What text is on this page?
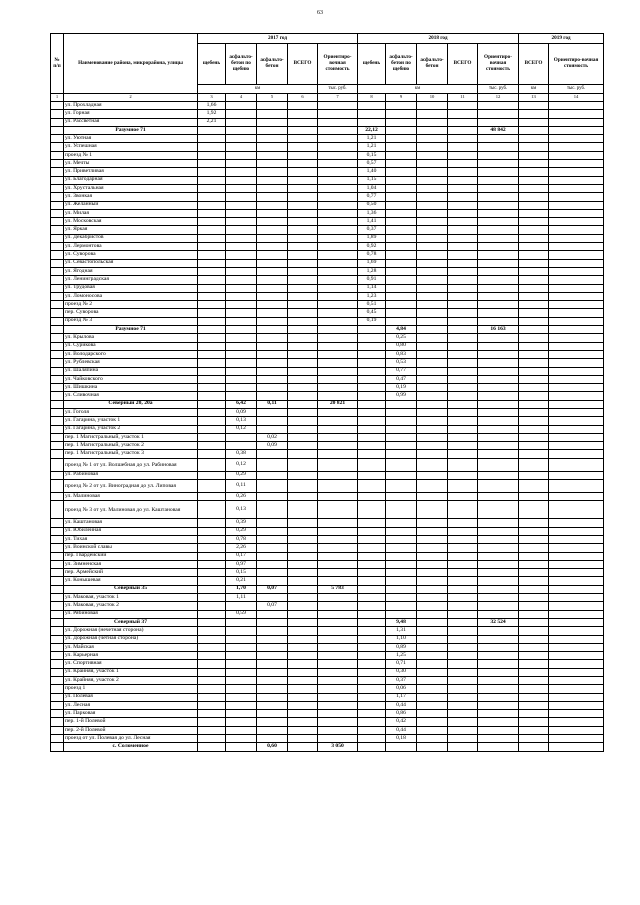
63
№ п/п	Наименование района, микрорайона, улицы	2017 год					2018 год					2019 год	
		щебень	асфальто-бетон по щебню	асфальто-бетон	ВСЕГО	Ориентиро-вочная стоимость	щебень	асфальто-бетон по щебню	асфальто-бетон	ВСЕГО	Ориентиро-вочная стоимость	ВСЕГО	Ориентиро-вочная стоимость
		км				тыс. руб.	км				тыс. руб.	км	тыс. руб.
1	2	3	4	5	6	7	8	9	10	11	12	13	14
	ул. Прохладная	1,66											
	ул. Горная	1,92											
	ул. Рассветная	2,21											
	Разумное 71						22,12				48 842		
	ул. Уютная						1,21						
	ул. Успешная						1,21						
	проезд № 1						0,15						
	ул. Мечты						0,57						
	ул. Приветливая						1,40						
	ул. Благодарная						1,15						
	ул. Хрустальная						1,04						
	ул. Звонкая						0,77						
	ул. Желанный						0,50						
	ул. Милая						1,36						
	ул. Московская						1,41						
	ул. Яркая						0,37						
	ул. Декабристов						1,89						
	ул. Лермонтова						0,92						
	ул. Суворова						0,78						
	ул. Севастопольская						1,69						
	ул. Ягодная						1,28						
	ул. Ленинградская						0,91						
	ул. Трудовая						1,14						
	ул. Ломоносова						1,23						
	проезд № 2						0,51						
	пер. Суворова						0,45						
	проезд № 3						0,19						
	Разумное 71							4,84			16 163		
	ул. Крылова							0,25					
	ул. Сурикова							0,80					
	ул. Володарского							0,83					
	ул. Рублевская							0,53					
	ул. Шаляпина							0,77					
	ул. Чайковского							0,47					
	ул. Шишкина							0,19					
	ул. Сливочная							0,99					
	Северный 20, 20а		6,42	0,11		20 821							
	ул. Гоголя		0,09										
	ул. Гагарина, участок 1		0,13										
	ул. Гагарина, участок 2		0,12										
	пер. 1 Магистральный, участок 1			0,02									
	пер. 1 Магистральный, участок 2			0,09									
	пер. 1 Магистральный, участок 3		0,38										
	проезд № 1 от ул. Волшебная до ул. Рабиновая		0,12										
	ул. Рабиновая		0,29										
	проезд № 2 от ул. Виноградная до ул. Липовая		0,11										
	ул. Малиновая		0,26										
	проезд № 3 от ул. Малиновая до ул. Каштановая		0,13										
	ул. Каштановая		0,39										
	ул. Юбилейная		0,29										
	ул. Тихая		0,78										
	ул. Воинской славы		2,26										
	пер. Гвардейский		0,17										
	ул. Зимненская		0,97										
	пер. Армейский		0,15										
	ул. Конышевая		0,21										
	Северный 35		1,70	0,07		5 783							
	ул. Маковая, участок 1		1,11										
	ул. Маковая, участок 2			0,07									
	ул. Рябиновая		0,59										
	Северный 37							9,48			32 524		
	ул. Дорожная (нечетная сторона)							1,31					
	ул. Дорожная (четная сторона)							1,10					
	ул. Майская							0,89					
	ул. Карьерная							1,25					
	ул. Спортивная							0,71					
	ул. Крайняя, участок 1							0,30					
	ул. Крайняя, участок 2							0,37					
	проезд 1							0,06					
	ул. Полевая							1,17					
	ул. Лесная							0,44					
	ул. Парковая							0,86					
	пер. 1-й Полевой							0,42					
	пер. 2-й Полевой							0,44					
	проезд от ул. Полевая до ул. Лесная							0,18					
	с. Соломенное			0,60		3 050							
